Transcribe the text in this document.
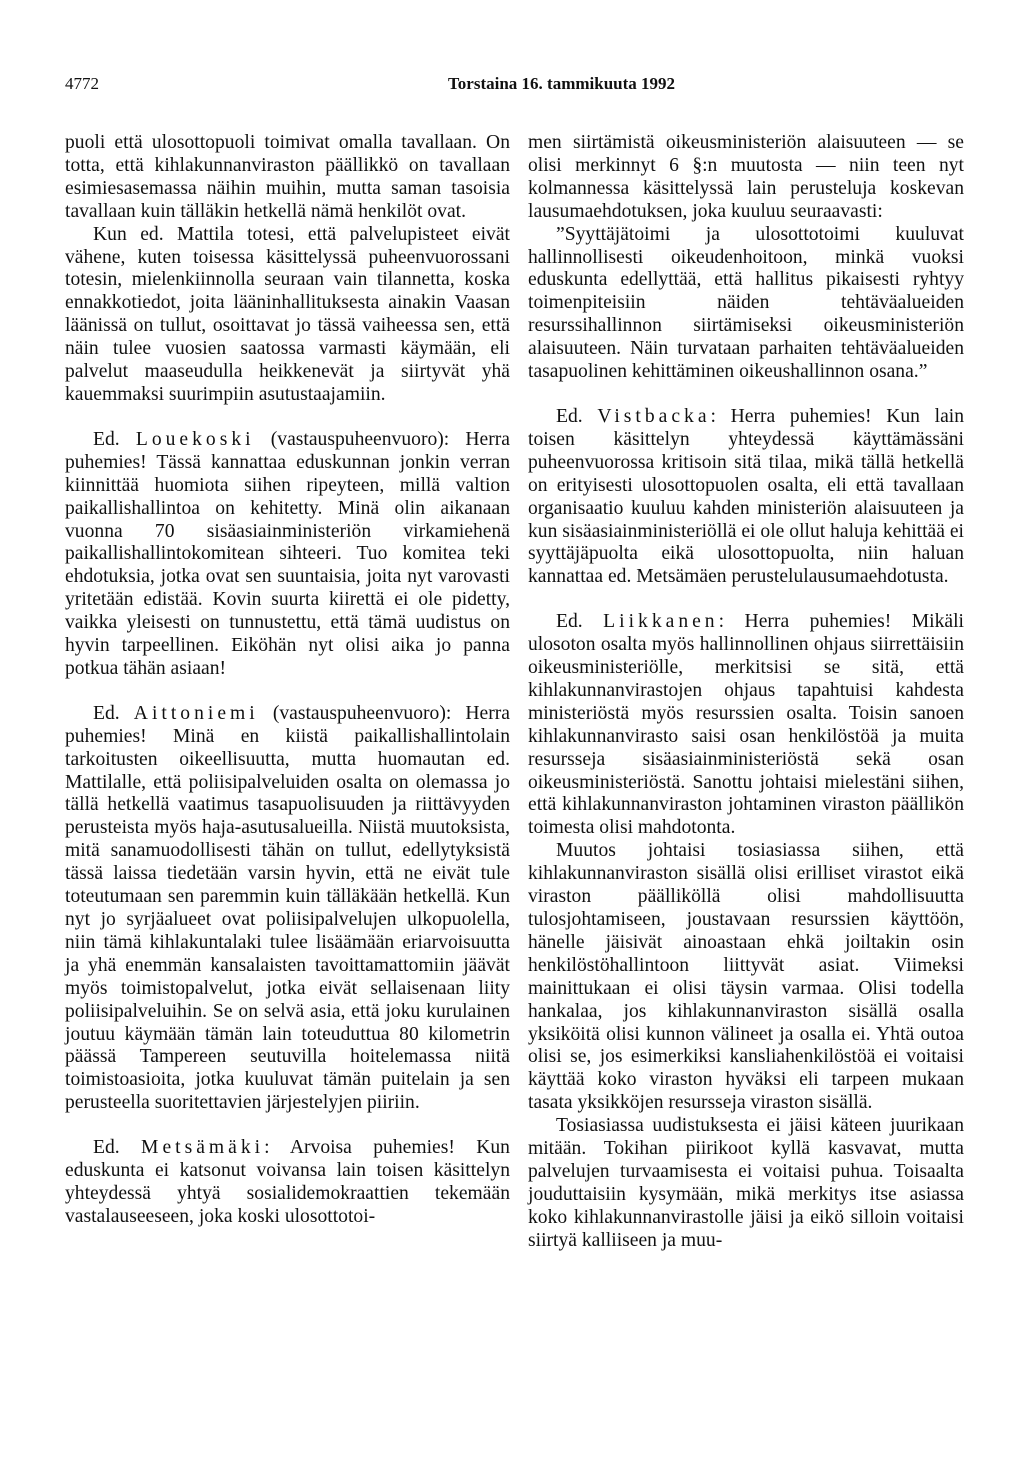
4772	Torstaina 16. tammikuuta 1992

puoli että ulosottopuoli toimivat omalla tavallaan. On totta, että kihlakunnanviraston päällikkö on tavallaan esimiesasemassa näihin muihin, mutta saman tasoisia tavallaan kuin tälläkin hetkellä nämä henkilöt ovat.

Kun ed. Mattila totesi, että palvelupisteet eivät vähene, kuten toisessa käsittelyssä puheenvuorossani totesin, mielenkiinnolla seuraan vain tilannetta, koska ennakkotiedot, joita lääninhallituksesta ainakin Vaasan läänissä on tullut, osoittavat jo tässä vaiheessa sen, että näin tulee vuosien saatossa varmasti käymään, eli palvelut maaseudulla heikkenevät ja siirtyvät yhä kauemmaksi suurimpiin asutustaajamiin.

Ed. Louekoski (vastauspuheenvuoro): Herra puhemies! Tässä kannattaa eduskunnan jonkin verran kiinnittää huomiota siihen ripeyteen, millä valtion paikallishallintoa on kehitetty. Minä olin aikanaan vuonna 70 sisäasiainministeriön virkamiehenä paikallishallintokomitean sihteeri. Tuo komitea teki ehdotuksia, jotka ovat sen suuntaisia, joita nyt varovasti yritetään edistää. Kovin suurta kiirettä ei ole pidetty, vaikka yleisesti on tunnustettu, että tämä uudistus on hyvin tarpeellinen. Eiköhän nyt olisi aika jo panna potkua tähän asiaan!

Ed. Aittoniemi (vastauspuheenvuoro): Herra puhemies! Minä en kiistä paikallishallintolain tarkoitusten oikeellisuutta, mutta huomautan ed. Mattilalle, että poliisipalveluiden osalta on olemassa jo tällä hetkellä vaatimus tasapuolisuuden ja riittävyyden perusteista myös haja-asutusalueilla. Niistä muutoksista, mitä sanamuodollisesti tähän on tullut, edellytyksistä tässä laissa tiedetään varsin hyvin, että ne eivät tule toteutumaan sen paremmin kuin tälläkään hetkellä. Kun nyt jo syrjäalueet ovat poliisipalvelujen ulkopuolella, niin tämä kihlakuntalaki tulee lisäämään eriarvoisuutta ja yhä enemmän kansalaisten tavoittamattomiin jäävät myös toimistopalvelut, jotka eivät sellaisenaan liity poliisipalveluihin. Se on selvä asia, että joku kurulainen joutuu käymään tämän lain toteuduttua 80 kilometrin päässä Tampereen seutuvilla hoitelemassa niitä toimistoasioita, jotka kuuluvat tämän puitelain ja sen perusteella suoritettavien järjestelyjen piiriin.

Ed. Metsämäki: Arvoisa puhemies! Kun eduskunta ei katsonut voivansa lain toisen käsittelyn yhteydessä yhtyä sosialidemokraattien tekemään vastalauseeseen, joka koski ulosottotoi-

men siirtämistä oikeusministeriön alaisuuteen — se olisi merkinnyt 6 §:n muutosta — niin teen nyt kolmannessa käsittelyssä lain perusteluja koskevan lausumaehdotuksen, joka kuuluu seuraavasti:

”Syyttäjätoimi ja ulosottotoimi kuuluvat hallinnollisesti oikeudenhoitoon, minkä vuoksi eduskunta edellyttää, että hallitus pikaisesti ryhtyy toimenpiteisiin näiden tehtäväalueiden resurssihallinnon siirtämiseksi oikeusministeriön alaisuuteen. Näin turvataan parhaiten tehtäväalueiden tasapuolinen kehittäminen oikeushallinnon osana.”

Ed. Vistbacka: Herra puhemies! Kun lain toisen käsittelyn yhteydessä käyttämässäni puheenvuorossa kritisoin sitä tilaa, mikä tällä hetkellä on erityisesti ulosottopuolen osalta, eli että tavallaan organisaatio kuuluu kahden ministeriön alaisuuteen ja kun sisäasiainministeriöllä ei ole ollut haluja kehittää ei syyttäjäpuolta eikä ulosottopuolta, niin haluan kannattaa ed. Metsämäen perustelulausumaehdotusta.

Ed. Liikkanen: Herra puhemies! Mikäli ulosoton osalta myös hallinnollinen ohjaus siirrettäisiin oikeusministeriölle, merkitsisi se sitä, että kihlakunnanvirastojen ohjaus tapahtuisi kahdesta ministeriöstä myös resurssien osalta. Toisin sanoen kihlakunnanvirasto saisi osan henkilöstöä ja muita resursseja sisäasiainministeriöstä sekä osan oikeusministeriöstä. Sanottu johtaisi mielestäni siihen, että kihlakunnanviraston johtaminen viraston päällikön toimesta olisi mahdotonta.

Muutos johtaisi tosiasiassa siihen, että kihlakunnanviraston sisällä olisi erilliset virastot eikä viraston päälliköllä olisi mahdollisuutta tulosjohtamiseen, joustavaan resurssien käyttöön, hänelle jäisivät ainoastaan ehkä joiltakin osin henkilöstöhallintoon liittyvät asiat. Viimeksi mainittukaan ei olisi täysin varmaa. Olisi todella hankalaa, jos kihlakunnanviraston sisällä osalla yksiköitä olisi kunnon välineet ja osalla ei. Yhtä outoa olisi se, jos esimerkiksi kansliahenkilöstöä ei voitaisi käyttää koko viraston hyväksi eli tarpeen mukaan tasata yksikköjen resursseja viraston sisällä.

Tosiasiassa uudistuksesta ei jäisi käteen juurikaan mitään. Tokihan piirikoot kyllä kasvavat, mutta palvelujen turvaamisesta ei voitaisi puhua. Toisaalta jouduttaisiin kysymään, mikä merkitys itse asiassa koko kihlakunnanvirastolle jäisi ja eikö silloin voitaisi siirtyä kalliiseen ja muu-
